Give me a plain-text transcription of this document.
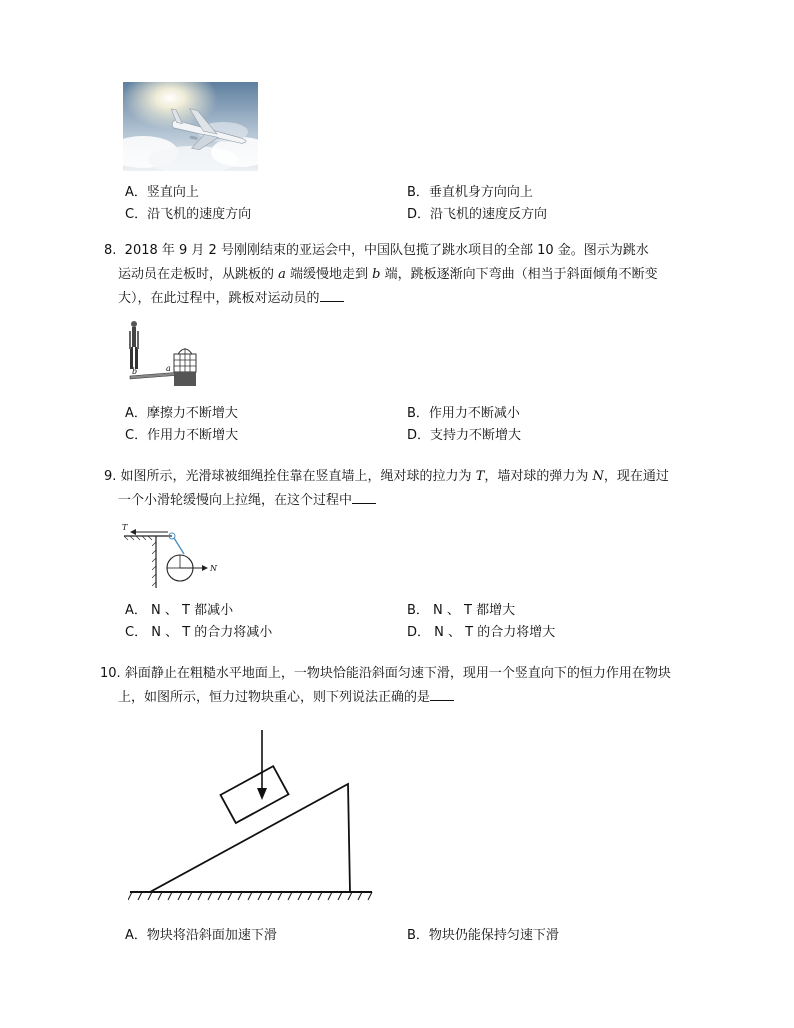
A．竖直向上	B．垂直机身方向向上
C．沿飞机的速度方向	D．沿飞机的速度反方向
8. 2018 年 9 月 2 号刚刚结束的亚运会中，中国队包揽了跳水项目的全部 10 金。图示为跳水
运动员在走板时，从跳板的 a 端缓慢地走到 b 端，跳板逐渐向下弯曲（相当于斜面倾角不断变
大），在此过程中，跳板对运动员的
b	a
A．摩擦力不断增大	B．作用力不断减小
C．作用力不断增大	D．支持力不断增大
9. 如图所示，光滑球被细绳拴住靠在竖直墙上，绳对球的拉力为 T，墙对球的弹力为 N，现在通过
一个小滑轮缓慢向上拉绳，在这个过程中
T
N
A． N 、 T 都减小	B． N 、 T 都增大
C． N 、 T 的合力将减小	D． N 、 T 的合力将增大
10. 斜面静止在粗糙水平地面上，一物块恰能沿斜面匀速下滑，现用一个竖直向下的恒力作用在物块
上，如图所示，恒力过物块重心，则下列说法正确的是
A．物块将沿斜面加速下滑	B．物块仍能保持匀速下滑
